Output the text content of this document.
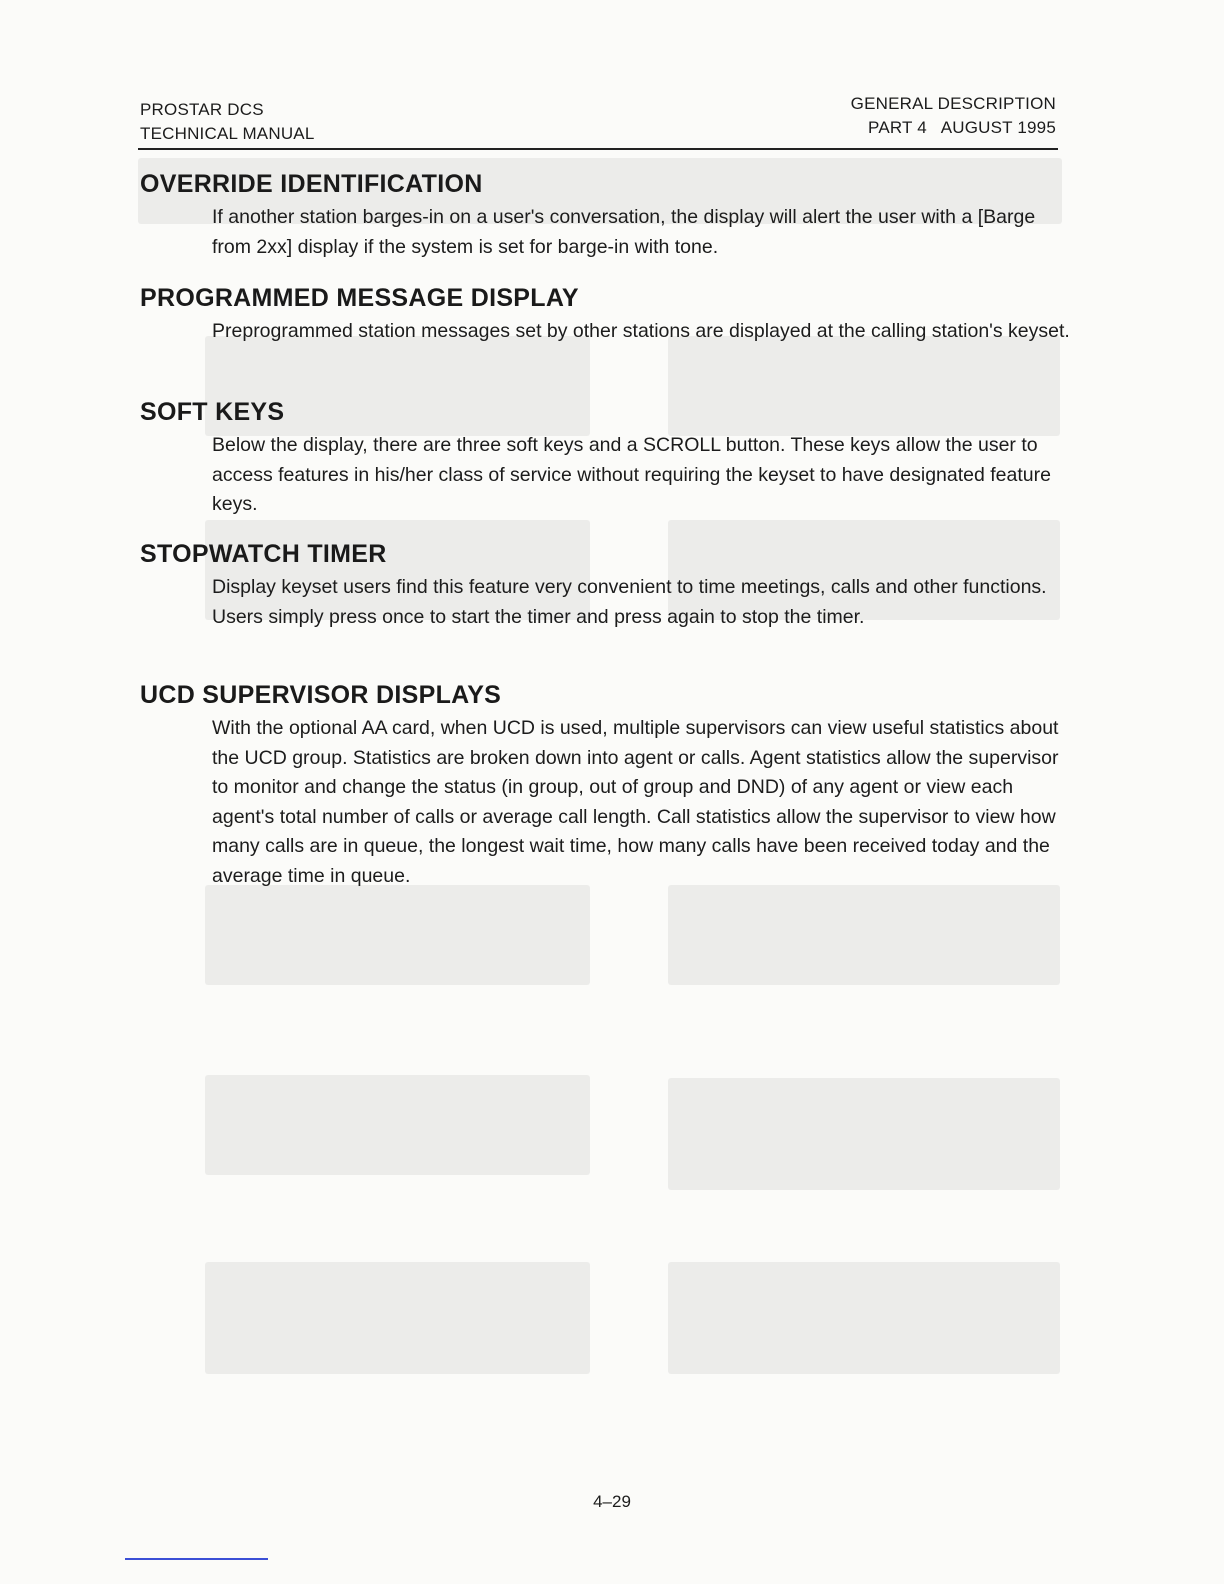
PROSTAR DCS
TECHNICAL MANUAL
GENERAL DESCRIPTION
PART 4   AUGUST 1995
OVERRIDE IDENTIFICATION

If another station barges-in on a user's conversation, the display will alert the user with a [Barge from 2xx] display if the system is set for barge-in with tone.

PROGRAMMED MESSAGE DISPLAY

Preprogrammed station messages set by other stations are displayed at the calling station's keyset.

SOFT KEYS

Below the display, there are three soft keys and a SCROLL button. These keys allow the user to access features in his/her class of service without requiring the keyset to have designated feature keys.

STOPWATCH TIMER

Display keyset users find this feature very convenient to time meetings, calls and other functions. Users simply press once to start the timer and press again to stop the timer.

UCD SUPERVISOR DISPLAYS

With the optional AA card, when UCD is used, multiple supervisors can view useful statistics about the UCD group. Statistics are broken down into agent or calls. Agent statistics allow the supervisor to monitor and change the status (in group, out of group and DND) of any agent or view each agent's total number of calls or average call length. Call statistics allow the supervisor to view how many calls are in queue, the longest wait time, how many calls have been received today and the average time in queue.

4–29
